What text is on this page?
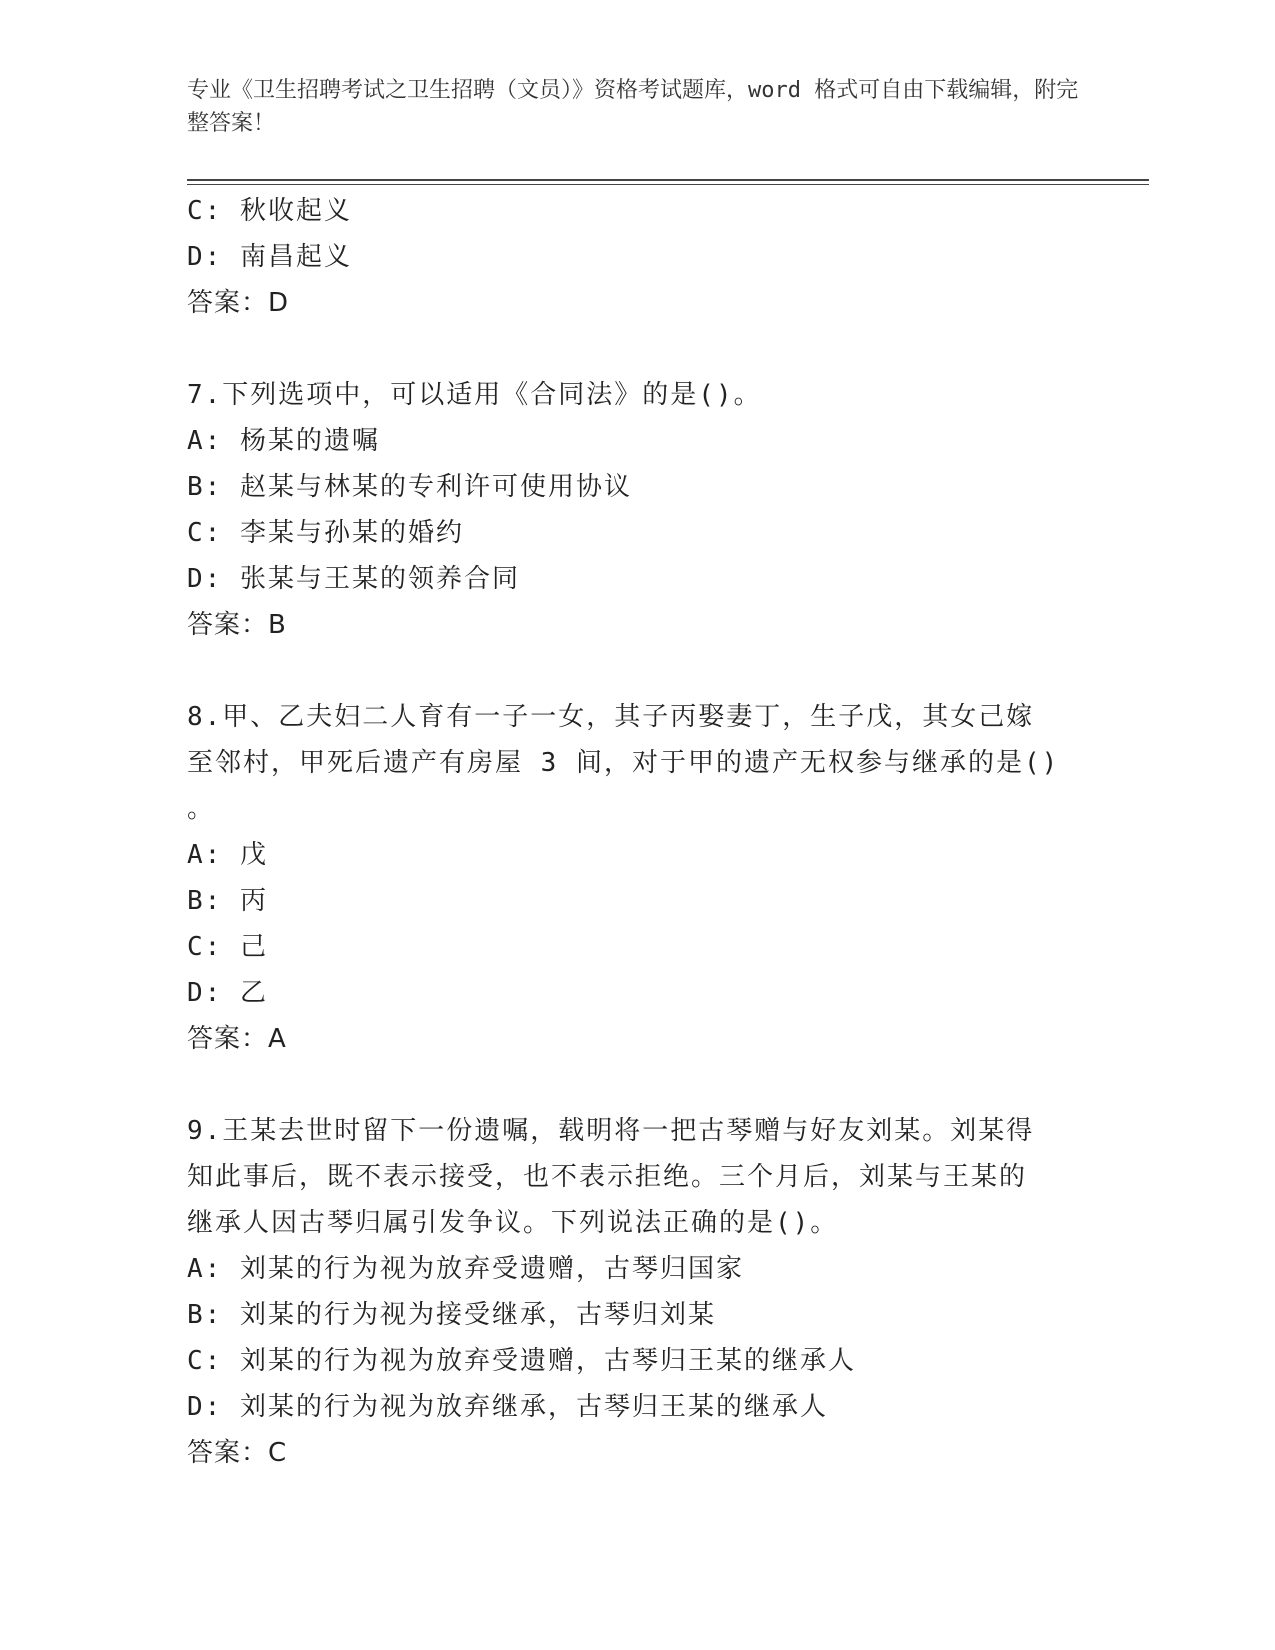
专业《卫生招聘考试之卫生招聘（文员）》资格考试题库，word 格式可自由下载编辑，附完整答案！
C: 秋收起义
D: 南昌起义
答案：D
7.下列选项中，可以适用《合同法》的是()。
A: 杨某的遗嘱
B: 赵某与林某的专利许可使用协议
C: 李某与孙某的婚约
D: 张某与王某的领养合同
答案：B
8.甲、乙夫妇二人育有一子一女，其子丙娶妻丁，生子戊，其女己嫁
至邻村，甲死后遗产有房屋 3 间，对于甲的遗产无权参与继承的是()
。
A: 戊
B: 丙
C: 己
D: 乙
答案：A
9.王某去世时留下一份遗嘱，载明将一把古琴赠与好友刘某。刘某得
知此事后，既不表示接受，也不表示拒绝。三个月后，刘某与王某的
继承人因古琴归属引发争议。下列说法正确的是()。
A: 刘某的行为视为放弃受遗赠，古琴归国家
B: 刘某的行为视为接受继承，古琴归刘某
C: 刘某的行为视为放弃受遗赠，古琴归王某的继承人
D: 刘某的行为视为放弃继承，古琴归王某的继承人
答案：C
